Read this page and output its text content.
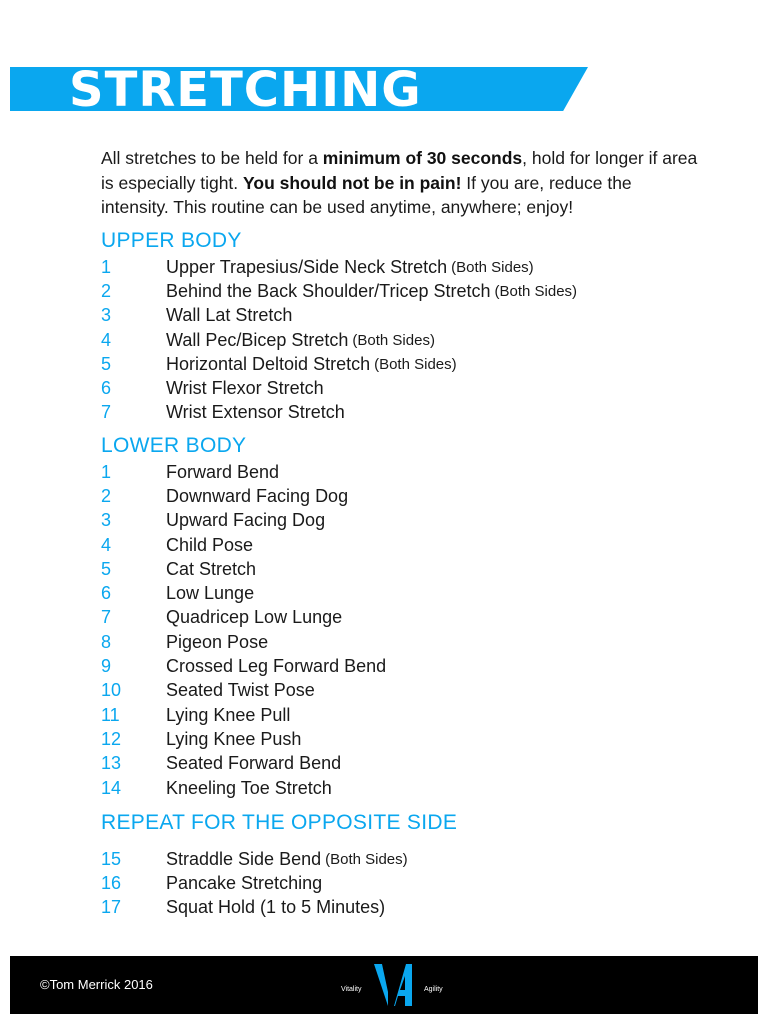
STRETCHING

All stretches to be held for a minimum of 30 seconds, hold for longer if area is especially tight. You should not be in pain! If you are, reduce the intensity. This routine can be used anytime, anywhere; enjoy!

UPPER BODY
1	Upper Trapesius/Side Neck Stretch (Both Sides)
2	Behind the Back Shoulder/Tricep Stretch (Both Sides)
3	Wall Lat Stretch
4	Wall Pec/Bicep Stretch (Both Sides)
5	Horizontal Deltoid Stretch (Both Sides)
6	Wrist Flexor Stretch
7	Wrist Extensor Stretch
LOWER BODY
1	Forward Bend
2	Downward Facing Dog
3	Upward Facing Dog
4	Child Pose
5	Cat Stretch
6	Low Lunge
7	Quadricep Low Lunge
8	Pigeon Pose
9	Crossed Leg Forward Bend
10	Seated Twist Pose
11	Lying Knee Pull
12	Lying Knee Push
13	Seated Forward Bend
14	Kneeling Toe Stretch
REPEAT FOR THE OPPOSITE SIDE
15	Straddle Side Bend (Both Sides)
16	Pancake Stretching
17	Squat Hold (1 to 5 Minutes)
©Tom Merrick 2016	Vitality	Agility
